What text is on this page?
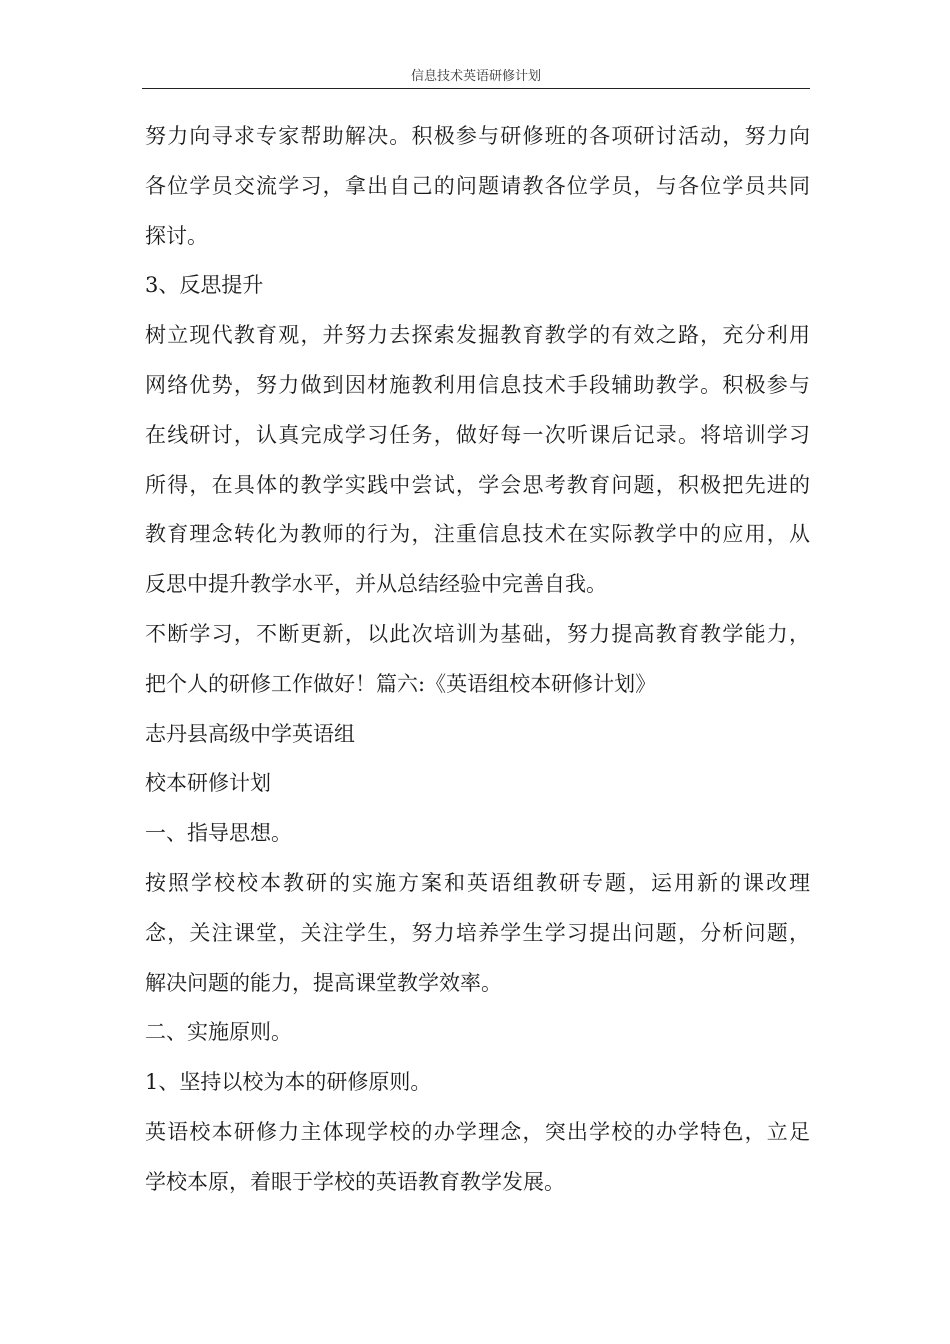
信息技术英语研修计划
努力向寻求专家帮助解决。积极参与研修班的各项研讨活动，努力向
各位学员交流学习，拿出自己的问题请教各位学员，与各位学员共同
探讨。
3、反思提升
树立现代教育观，并努力去探索发掘教育教学的有效之路，充分利用
网络优势，努力做到因材施教利用信息技术手段辅助教学。积极参与
在线研讨，认真完成学习任务，做好每一次听课后记录。将培训学习
所得，在具体的教学实践中尝试，学会思考教育问题，积极把先进的
教育理念转化为教师的行为，注重信息技术在实际教学中的应用，从
反思中提升教学水平，并从总结经验中完善自我。
不断学习，不断更新，以此次培训为基础，努力提高教育教学能力，
把个人的研修工作做好！篇六:《英语组校本研修计划》
志丹县高级中学英语组
校本研修计划
一、指导思想。
按照学校校本教研的实施方案和英语组教研专题，运用新的课改理
念，关注课堂，关注学生，努力培养学生学习提出问题，分析问题，
解决问题的能力，提高课堂教学效率。
二、实施原则。
1、坚持以校为本的研修原则。
英语校本研修力主体现学校的办学理念，突出学校的办学特色，立足
学校本原，着眼于学校的英语教育教学发展。
